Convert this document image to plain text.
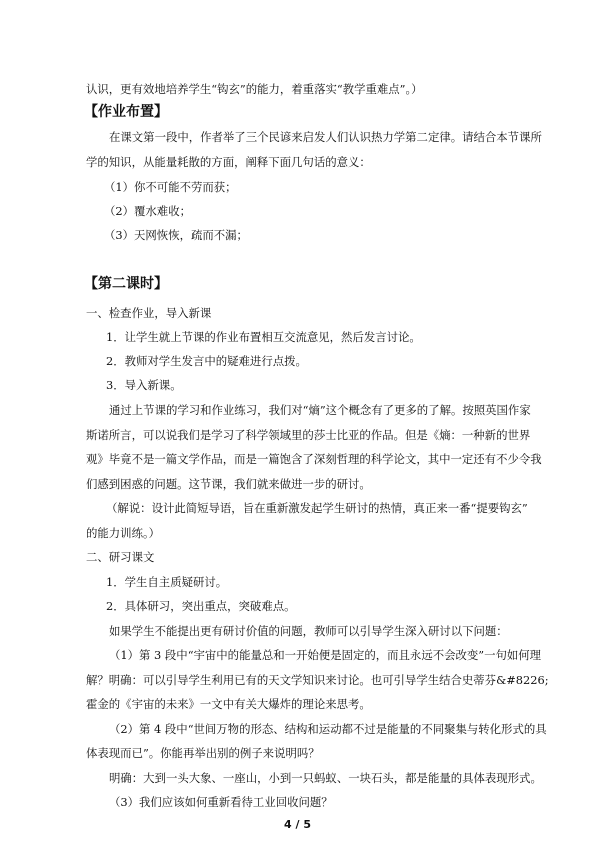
认识，更有效地培养学生“钩玄”的能力，着重落实“教学重难点”。）
【作业布置】
在课文第一段中，作者举了三个民谚来启发人们认识热力学第二定律。请结合本节课所
学的知识，从能量耗散的方面，阐释下面几句话的意义：
（1）你不可能不劳而获；
（2）覆水难收；
（3）天网恢恢，疏而不漏；
【第二课时】
一、检查作业，导入新课
1．让学生就上节课的作业布置相互交流意见，然后发言讨论。
2．教师对学生发言中的疑难进行点拨。
3．导入新课。
通过上节课的学习和作业练习，我们对“熵”这个概念有了更多的了解。按照英国作家
斯诺所言，可以说我们是学习了科学领域里的莎士比亚的作品。但是《熵：一种新的世界
观》毕竟不是一篇文学作品，而是一篇饱含了深刻哲理的科学论文，其中一定还有不少令我
们感到困惑的问题。这节课，我们就来做进一步的研讨。
（解说：设计此简短导语，旨在重新激发起学生研讨的热情，真正来一番“提要钩玄”
的能力训练。）
二、研习课文
1．学生自主质疑研讨。
2．具体研习，突出重点，突破难点。
如果学生不能提出更有研讨价值的问题，教师可以引导学生深入研讨以下问题：
（1）第 3 段中“宇宙中的能量总和一开始便是固定的，而且永远不会改变”一句如何理
解？明确：可以引导学生利用已有的天文学知识来讨论。也可引导学生结合史蒂芬&#8226;
霍金的《宇宙的未来》一文中有关大爆炸的理论来思考。
（2）第 4 段中“世间万物的形态、结构和运动都不过是能量的不同聚集与转化形式的具
体表现而已”。你能再举出别的例子来说明吗？
明确：大到一头大象、一座山，小到一只蚂蚁、一块石头，都是能量的具体表现形式。
（3）我们应该如何重新看待工业回收问题？
4 / 5
